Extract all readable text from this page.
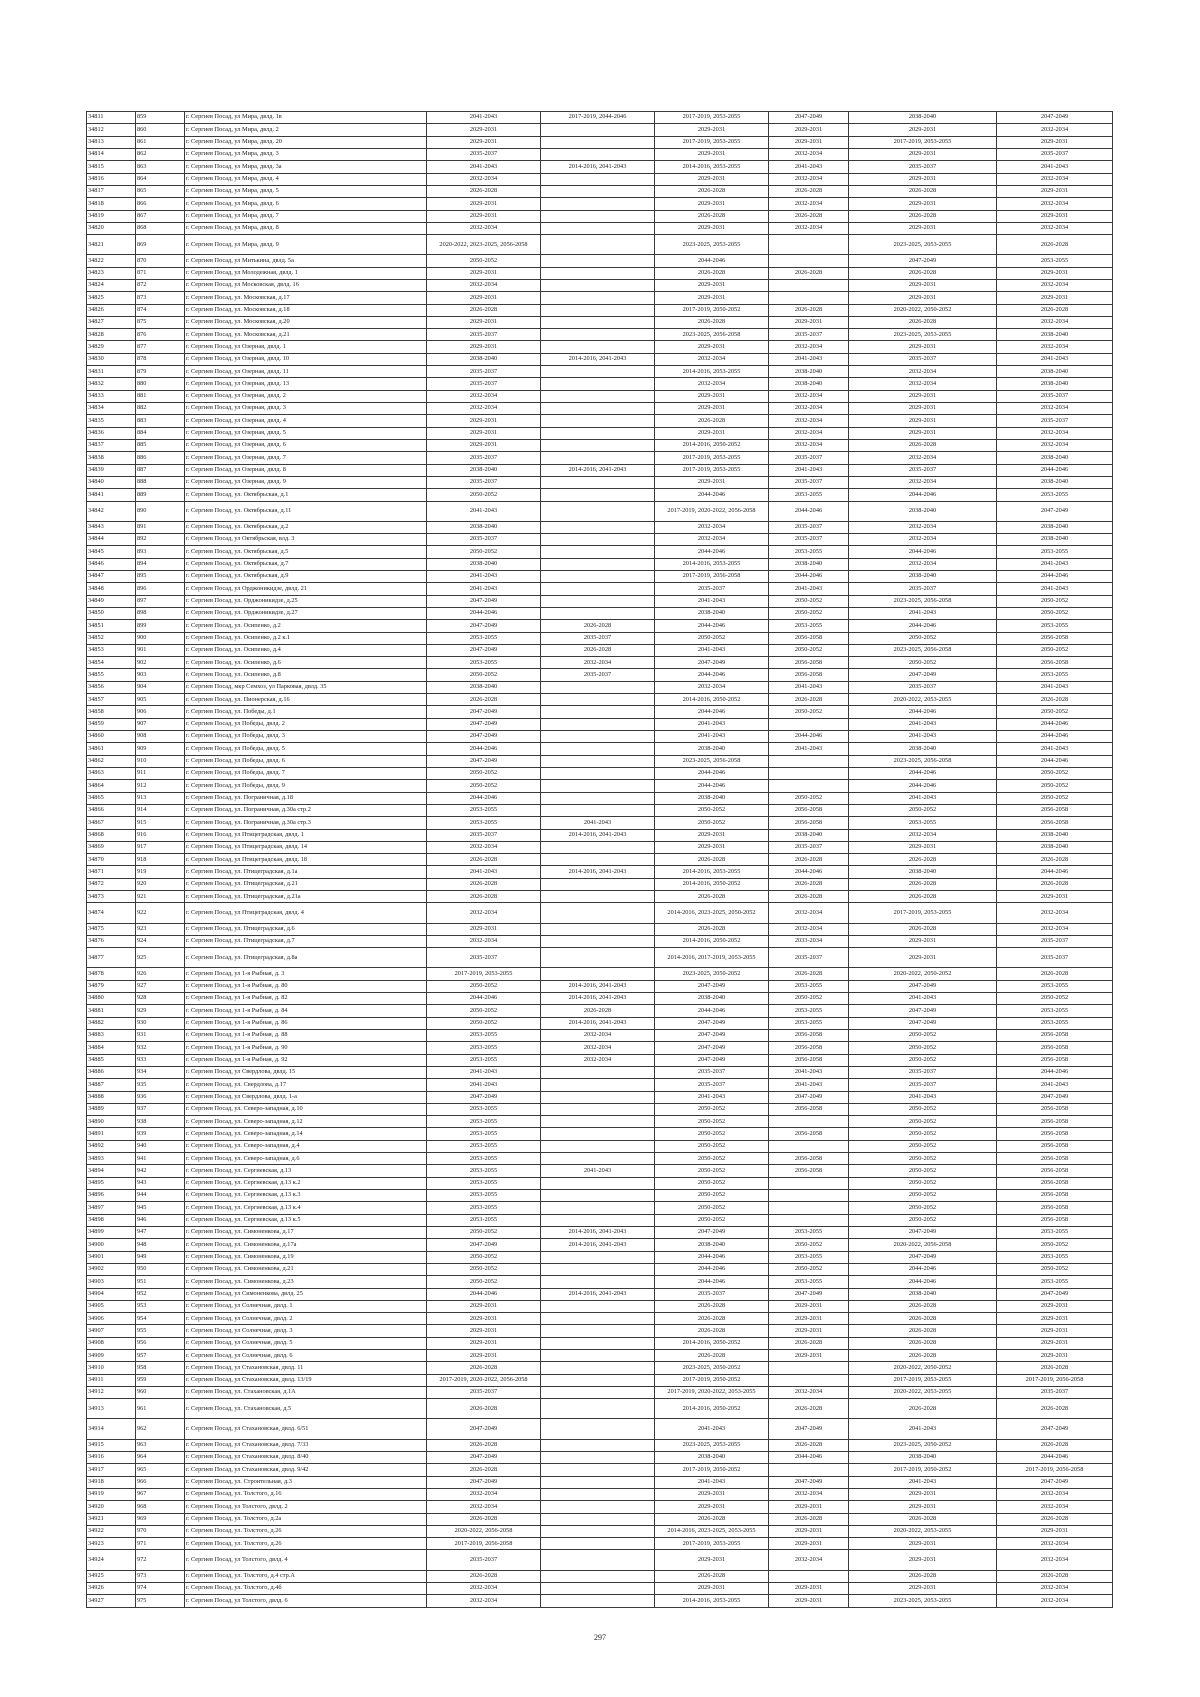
34811	859	г. Сергиев Посад, ул Мира, двлд. 1в	2041-2043	2017-2019, 2044-2046	2017-2019, 2053-2055	2047-2049	2038-2040	2047-2049
34812	860	г. Сергиев Посад, ул Мира, двлд. 2	2029-2031		2029-2031	2029-2031	2029-2031	2032-2034
34813	861	г. Сергиев Посад, ул Мира, двлд. 20	2029-2031		2017-2019, 2053-2055	2029-2031	2017-2019, 2053-2055	2029-2031
34814	862	г. Сергиев Посад, ул Мира, двлд. 3	2035-2037		2029-2031	2032-2034	2029-2031	2035-2037
34815	863	г. Сергиев Посад, ул Мира, двлд. 3а	2041-2043	2014-2016, 2041-2043	2014-2016, 2053-2055	2041-2043	2035-2037	2041-2043
34816	864	г. Сергиев Посад, ул Мира, двлд. 4	2032-2034		2029-2031	2032-2034	2029-2031	2032-2034
34817	865	г. Сергиев Посад, ул Мира, двлд. 5	2026-2028		2026-2028	2026-2028	2026-2028	2029-2031
34818	866	г. Сергиев Посад, ул Мира, двлд. 6	2029-2031		2029-2031	2032-2034	2029-2031	2032-2034
34819	867	г. Сергиев Посад, ул Мира, двлд. 7	2029-2031		2026-2028	2026-2028	2026-2028	2029-2031
34820	868	г. Сергиев Посад, ул Мира, двлд. 8	2032-2034		2029-2031	2032-2034	2029-2031	2032-2034
34821	869	г. Сергиев Посад, ул Мира, двлд. 9	2020-2022, 2023-2025, 2056-2058		2023-2025, 2053-2055		2023-2025, 2053-2055	2026-2028
34822	870	г. Сергиев Посад, ул Митькина, двлд. 5а	2050-2052		2044-2046		2047-2049	2053-2055
34823	871	г. Сергиев Посад, ул Молодежная, двлд. 1	2029-2031		2026-2028	2026-2028	2026-2028	2029-2031
34824	872	г. Сергиев Посад, ул Московская, двлд. 16	2032-2034		2029-2031		2029-2031	2032-2034
34825	873	г. Сергиев Посад, ул. Московская, д.17	2029-2031		2029-2031		2029-2031	2029-2031
34826	874	г. Сергиев Посад, ул. Московская, д.18	2026-2028		2017-2019, 2050-2052	2026-2028	2020-2022, 2050-2052	2026-2028
34827	875	г. Сергиев Посад, ул. Московская, д.20	2029-2031		2026-2028	2029-2031	2026-2028	2032-2034
34828	876	г. Сергиев Посад, ул. Московская, д.21	2035-2037		2023-2025, 2056-2058	2035-2037	2023-2025, 2053-2055	2038-2040
34829	877	г. Сергиев Посад, ул Озерная, двлд. 1	2029-2031		2029-2031	2032-2034	2029-2031	2032-2034
34830	878	г. Сергиев Посад, ул Озерная, двлд. 10	2038-2040	2014-2016, 2041-2043	2032-2034	2041-2043	2035-2037	2041-2043
34831	879	г. Сергиев Посад, ул Озерная, двлд. 11	2035-2037		2014-2016, 2053-2055	2038-2040	2032-2034	2038-2040
34832	880	г. Сергиев Посад, ул Озерная, двлд. 13	2035-2037		2032-2034	2038-2040	2032-2034	2038-2040
34833	881	г. Сергиев Посад, ул Озерная, двлд. 2	2032-2034		2029-2031	2032-2034	2029-2031	2035-2037
34834	882	г. Сергиев Посад, ул Озерная, двлд. 3	2032-2034		2029-2031	2032-2034	2029-2031	2032-2034
34835	883	г. Сергиев Посад, ул Озерная, двлд. 4	2029-2031		2026-2028	2032-2034	2029-2031	2035-2037
34836	884	г. Сергиев Посад, ул Озерная, двлд. 5	2029-2031		2029-2031	2032-2034	2029-2031	2032-2034
34837	885	г. Сергиев Посад, ул Озерная, двлд. 6	2029-2031		2014-2016, 2050-2052	2032-2034	2026-2028	2032-2034
34838	886	г. Сергиев Посад, ул Озерная, двлд. 7	2035-2037		2017-2019, 2053-2055	2035-2037	2032-2034	2038-2040
34839	887	г. Сергиев Посад, ул Озерная, двлд. 8	2038-2040	2014-2016, 2041-2043	2017-2019, 2053-2055	2041-2043	2035-2037	2044-2046
34840	888	г. Сергиев Посад, ул Озерная, двлд. 9	2035-2037		2029-2031	2035-2037	2032-2034	2038-2040
34841	889	г. Сергиев Посад, ул. Октябрьская, д.1	2050-2052		2044-2046	2053-2055	2044-2046	2053-2055
34842	890	г. Сергиев Посад, ул. Октябрьская, д.11	2041-2043		2017-2019, 2020-2022, 2056-2058	2044-2046	2038-2040	2047-2049
34843	891	г. Сергиев Посад, ул. Октябрьская, д.2	2038-2040		2032-2034	2035-2037	2032-2034	2038-2040
34844	892	г. Сергиев Посад, ул Октябрьская, влд. 3	2035-2037		2032-2034	2035-2037	2032-2034	2038-2040
34845	893	г. Сергиев Посад, ул. Октябрьская, д.5	2050-2052		2044-2046	2053-2055	2044-2046	2053-2055
34846	894	г. Сергиев Посад, ул. Октябрьская, д.7	2038-2040		2014-2016, 2053-2055	2038-2040	2032-2034	2041-2043
34847	895	г. Сергиев Посад, ул. Октябрьская, д.9	2041-2043		2017-2019, 2056-2058	2044-2046	2038-2040	2044-2046
34848	896	г. Сергиев Посад, ул Орджоникидзе, двлд. 21	2041-2043		2035-2037	2041-2043	2035-2037	2041-2043
34849	897	г. Сергиев Посад, ул. Орджоникидзе, д.25	2047-2049		2041-2043	2050-2052	2023-2025, 2056-2058	2050-2052
34850	898	г. Сергиев Посад, ул. Орджоникидзе, д.27	2044-2046		2038-2040	2050-2052	2041-2043	2050-2052
34851	899	г. Сергиев Посад, ул. Осипенко, д.2	2047-2049	2026-2028	2044-2046	2053-2055	2044-2046	2053-2055
34852	900	г. Сергиев Посад, ул. Осипенко, д.2 к.1	2053-2055	2035-2037	2050-2052	2056-2058	2050-2052	2056-2058
34853	901	г. Сергиев Посад, ул. Осипенко, д.4	2047-2049	2026-2028	2041-2043	2050-2052	2023-2025, 2056-2058	2050-2052
34854	902	г. Сергиев Посад, ул. Осипенко, д.6	2053-2055	2032-2034	2047-2049	2056-2058	2050-2052	2056-2058
34855	903	г. Сергиев Посад, ул. Осипенко, д.8	2050-2052	2035-2037	2044-2046	2056-2058	2047-2049	2053-2055
34856	904	г. Сергиев Посад, мкр Семхоз, ул Парковая, двлд. 35	2038-2040		2032-2034	2041-2043	2035-2037	2041-2043
34857	905	г. Сергиев Посад, ул. Пионерская, д.16	2026-2028		2014-2016, 2050-2052	2026-2028	2020-2022, 2053-2055	2026-2028
34858	906	г. Сергиев Посад, ул. Победы, д.1	2047-2049		2044-2046	2050-2052	2044-2046	2050-2052
34859	907	г. Сергиев Посад, ул Победы, двлд. 2	2047-2049		2041-2043		2041-2043	2044-2046
34860	908	г. Сергиев Посад, ул Победы, двлд. 3	2047-2049		2041-2043	2044-2046	2041-2043	2044-2046
34861	909	г. Сергиев Посад, ул Победы, двлд. 5	2044-2046		2038-2040	2041-2043	2038-2040	2041-2043
34862	910	г. Сергиев Посад, ул Победы, двлд. 6	2047-2049		2023-2025, 2056-2058		2023-2025, 2056-2058	2044-2046
34863	911	г. Сергиев Посад, ул Победы, двлд. 7	2050-2052		2044-2046		2044-2046	2050-2052
34864	912	г. Сергиев Посад, ул Победы, двлд. 9	2050-2052		2044-2046		2044-2046	2050-2052
34865	913	г. Сергиев Посад, ул. Пограничная, д.18	2044-2046		2038-2040	2050-2052	2041-2043	2050-2052
34866	914	г. Сергиев Посад, ул. Пограничная, д.30а стр.2	2053-2055		2050-2052	2056-2058	2050-2052	2056-2058
34867	915	г. Сергиев Посад, ул. Пограничная, д.30а стр.3	2053-2055	2041-2043	2050-2052	2056-2058	2053-2055	2056-2058
34868	916	г. Сергиев Посад, ул Птицеградская, двлд. 1	2035-2037	2014-2016, 2041-2043	2029-2031	2038-2040	2032-2034	2038-2040
34869	917	г. Сергиев Посад, ул Птицеградская, двлд. 14	2032-2034		2029-2031	2035-2037	2029-2031	2038-2040
34870	918	г. Сергиев Посад, ул Птицеградская, двлд. 18	2026-2028		2026-2028	2026-2028	2026-2028	2026-2028
34871	919	г. Сергиев Посад, ул. Птицеградская, д.1а	2041-2043	2014-2016, 2041-2043	2014-2016, 2053-2055	2044-2046	2038-2040	2044-2046
34872	920	г. Сергиев Посад, ул. Птицеградская, д.21	2026-2028		2014-2016, 2050-2052	2026-2028	2026-2028	2026-2028
34873	921	г. Сергиев Посад, ул. Птицеградская, д.21а	2026-2028		2026-2028	2026-2028	2026-2028	2029-2031
34874	922	г. Сергиев Посад, ул Птицеградская, двлд. 4	2032-2034		2014-2016, 2023-2025, 2050-2052	2032-2034	2017-2019, 2053-2055	2032-2034
34875	923	г. Сергиев Посад, ул. Птицеградская, д.6	2029-2031		2026-2028	2032-2034	2026-2028	2032-2034
34876	924	г. Сергиев Посад, ул. Птицеградская, д.7	2032-2034		2014-2016, 2050-2052	2033-2034	2029-2031	2035-2037
34877	925	г. Сергиев Посад, ул. Птицеградская, д.8а	2035-2037		2014-2016, 2017-2019, 2053-2055	2035-2037	2029-2031	2035-2037
34878	926	г. Сергиев Посад, ул 1-я Рыбная, д. 3	2017-2019, 2053-2055		2023-2025, 2050-2052	2026-2028	2020-2022, 2050-2052	2026-2028
34879	927	г. Сергиев Посад, ул 1-я Рыбная, д. 80	2050-2052	2014-2016, 2041-2043	2047-2049	2053-2055	2047-2049	2053-2055
34880	928	г. Сергиев Посад, ул 1-я Рыбная, д. 82	2044-2046	2014-2016, 2041-2043	2038-2040	2050-2052	2041-2043	2050-2052
34881	929	г. Сергиев Посад, ул 1-я Рыбная, д. 84	2050-2052	2026-2028	2044-2046	2053-2055	2047-2049	2053-2055
34882	930	г. Сергиев Посад, ул 1-я Рыбная, д. 86	2050-2052	2014-2016, 2041-2043	2047-2049	2053-2055	2047-2049	2053-2055
34883	931	г. Сергиев Посад, ул 1-я Рыбная, д. 88	2053-2055	2032-2034	2047-2049	2056-2058	2050-2052	2056-2058
34884	932	г. Сергиев Посад, ул 1-я Рыбная, д. 90	2053-2055	2032-2034	2047-2049	2056-2058	2050-2052	2056-2058
34885	933	г. Сергиев Посад, ул 1-я Рыбная, д. 92	2053-2055	2032-2034	2047-2049	2056-2058	2050-2052	2056-2058
34886	934	г. Сергиев Посад, ул Свердлова, двлд. 15	2041-2043		2035-2037	2041-2043	2035-2037	2044-2046
34887	935	г. Сергиев Посад, ул. Свердлова, д.17	2041-2043		2035-2037	2041-2043	2035-2037	2041-2043
34888	936	г. Сергиев Посад, ул Свердлова, двлд. 1-а	2047-2049		2041-2043	2047-2049	2041-2043	2047-2049
34889	937	г. Сергиев Посад, ул. Северо-западная, д.10	2053-2055		2050-2052	2056-2058	2050-2052	2056-2058
34890	938	г. Сергиев Посад, ул. Северо-западная, д.12	2053-2055		2050-2052		2050-2052	2056-2058
34891	939	г. Сергиев Посад, ул. Северо-западная, д.14	2053-2055		2050-2052	2056-2058	2050-2052	2056-2058
34892	940	г. Сергиев Посад, ул. Северо-западная, д.4	2053-2055		2050-2052		2050-2052	2056-2058
34893	941	г. Сергиев Посад, ул. Северо-западная, д.6	2053-2055		2050-2052	2056-2058	2050-2052	2056-2058
34894	942	г. Сергиев Посад, ул. Сергиевская, д.13	2053-2055	2041-2043	2050-2052	2056-2058	2050-2052	2056-2058
34895	943	г. Сергиев Посад, ул. Сергиевская, д.13 к.2	2053-2055		2050-2052		2050-2052	2056-2058
34896	944	г. Сергиев Посад, ул. Сергиевская, д.13 к.3	2053-2055		2050-2052		2050-2052	2056-2058
34897	945	г. Сергиев Посад, ул. Сергиевская, д.13 к.4	2053-2055		2050-2052		2050-2052	2056-2058
34898	946	г. Сергиев Посад, ул. Сергиевская, д.13 к.5	2053-2055		2050-2052		2050-2052	2056-2058
34899	947	г. Сергиев Посад, ул. Симоненкова, д.17	2050-2052	2014-2016, 2041-2043	2047-2049	2053-2055	2047-2049	2053-2055
34900	948	г. Сергиев Посад, ул. Симоненкова, д.17а	2047-2049	2014-2016, 2041-2043	2038-2040	2050-2052	2020-2022, 2056-2058	2050-2052
34901	949	г. Сергиев Посад, ул. Симоненкова, д.19	2050-2052		2044-2046	2053-2055	2047-2049	2053-2055
34902	950	г. Сергиев Посад, ул. Симоненкова, д.21	2050-2052		2044-2046	2050-2052	2044-2046	2050-2052
34903	951	г. Сергиев Посад, ул. Симоненкова, д.23	2050-2052		2044-2046	2053-2055	2044-2046	2053-2055
34904	952	г. Сергиев Посад, ул Симоненкова, двлд. 25	2044-2046	2014-2016, 2041-2043	2035-2037	2047-2049	2038-2040	2047-2049
34905	953	г. Сергиев Посад, ул Солнечная, двлд. 1	2029-2031		2026-2028	2029-2031	2026-2028	2029-2031
34906	954	г. Сергиев Посад, ул Солнечная, двлд. 2	2029-2031		2026-2028	2029-2031	2026-2028	2029-2031
34907	955	г. Сергиев Посад, ул Солнечная, двлд. 3	2029-2031		2026-2028	2029-2031	2026-2028	2029-2031
34908	956	г. Сергиев Посад, ул Солнечная, двлд. 5	2029-2031		2014-2016, 2050-2052	2026-2028	2026-2028	2029-2031
34909	957	г. Сергиев Посад, ул Солнечная, двлд. 6	2029-2031		2026-2028	2029-2031	2026-2028	2029-2031
34910	958	г. Сергиев Посад, ул Стахановская, двлд. 11	2026-2028		2023-2025, 2050-2052		2020-2022, 2050-2052	2026-2028
34911	959	г. Сергиев Посад, ул Стахановская, двлд. 13/19	2017-2019, 2020-2022, 2056-2058		2017-2019, 2050-2052		2017-2019, 2053-2055	2017-2019, 2056-2058
34912	960	г. Сергиев Посад, ул. Стахановская, д.1А	2035-2037		2017-2019, 2020-2022, 2053-2055	2032-2034	2020-2022, 2053-2055	2035-2037
34913	961	г. Сергиев Посад, ул. Стахановская, д.5	2026-2028		2014-2016, 2050-2052	2026-2028	2026-2028	2026-2028
34914	962	г. Сергиев Посад, ул Стахановская, двлд. 6/51	2047-2049		2041-2043	2047-2049	2041-2043	2047-2049
34915	963	г. Сергиев Посад, ул Стахановская, двлд. 7/33	2026-2028		2023-2025, 2053-2055	2026-2028	2023-2025, 2050-2052	2026-2028
34916	964	г. Сергиев Посад, ул Стахановская, двлд. 8/40	2047-2049		2038-2040	2044-2046	2038-2040	2044-2046
34917	965	г. Сергиев Посад, ул Стахановская, двлд. 9/42	2026-2028		2017-2019, 2050-2052		2017-2019, 2050-2052	2017-2019, 2056-2058
34918	966	г. Сергиев Посад, ул. Строительная, д.3	2047-2049		2041-2043	2047-2049	2041-2043	2047-2049
34919	967	г. Сергиев Посад, ул. Толстого, д.16	2032-2034		2029-2031	2032-2034	2029-2031	2032-2034
34920	968	г. Сергиев Посад, ул Толстого, двлд. 2	2032-2034		2029-2031	2029-2031	2029-2031	2032-2034
34921	969	г. Сергиев Посад, ул. Толстого, д.2а	2026-2028		2026-2028	2026-2028	2026-2028	2026-2028
34922	970	г. Сергиев Посад, ул. Толстого, д.26	2020-2022, 2056-2058		2014-2016, 2023-2025, 2053-2055	2029-2031	2020-2022, 2053-2055	2029-2031
34923	971	г. Сергиев Посад, ул. Толстого, д.26	2017-2019, 2056-2058		2017-2019, 2053-2055	2029-2031	2029-2031	2032-2034
34924	972	г. Сергиев Посад, ул Толстого, двлд. 4	2035-2037		2029-2031	2032-2034	2029-2031	2032-2034
34925	973	г. Сергиев Посад, ул. Толстого, д.4 стр.А	2026-2028		2026-2028		2026-2028	2026-2028
34926	974	г. Сергиев Посад, ул. Толстого, д.4б	2032-2034		2029-2031	2029-2031	2029-2031	2032-2034
34927	975	г. Сергиев Посад, ул Толстого, двлд. 6	2032-2034		2014-2016, 2053-2055	2029-2031	2023-2025, 2053-2055	2032-2034
297
